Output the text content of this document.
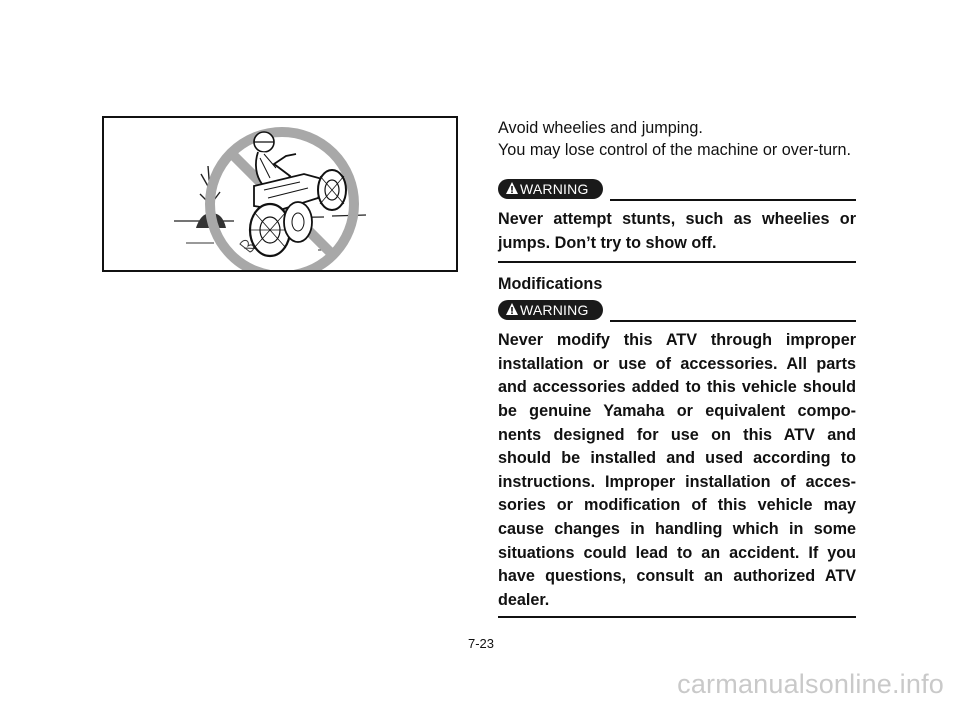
Avoid wheelies and jumping.

You may lose control of the machine or over-turn.

WARNING

Never attempt stunts, such as wheelies or jumps. Don’t try to show off.

Modifications

WARNING

Never modify this ATV through improper installation or use of accessories. All parts and accessories added to this vehicle should be genuine Yamaha or equivalent compo-nents designed for use on this ATV and should be installed and used according to instructions. Improper installation of acces-sories or modification of this vehicle may cause changes in handling which in some situations could lead to an accident. If you have questions, consult an authorized ATV dealer.

7-23
carmanualsonline.info
